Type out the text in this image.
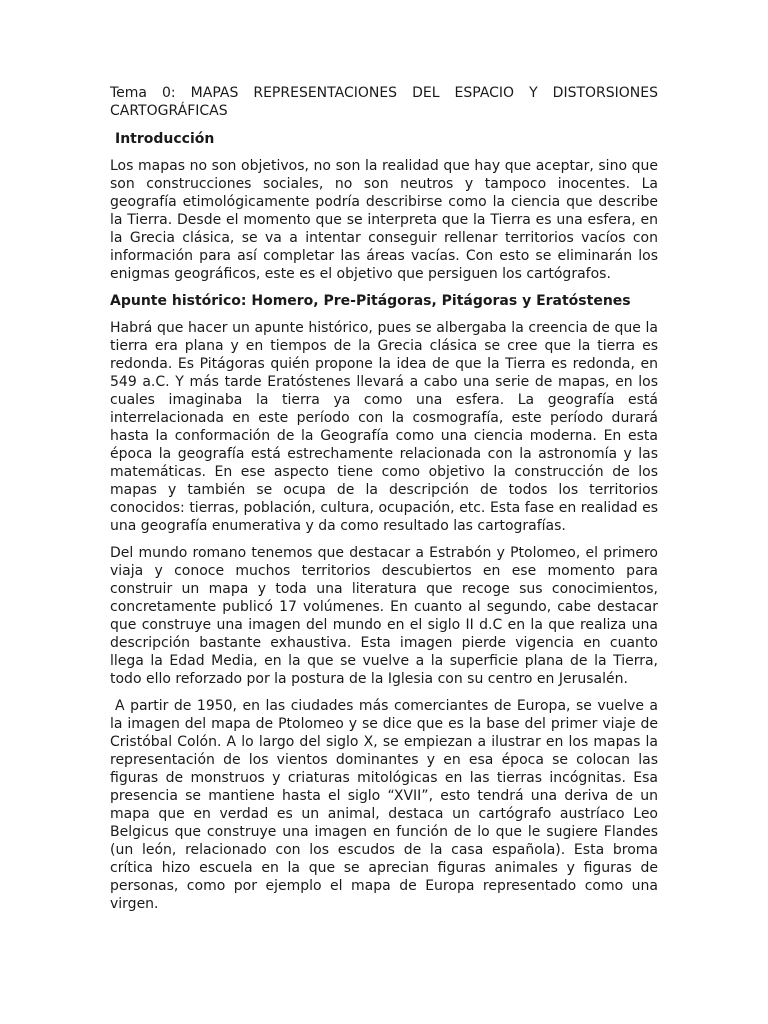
Tema 0: MAPAS REPRESENTACIONES DEL ESPACIO Y DISTORSIONES
CARTOGRÁFICAS
Introducción

Los mapas no son objetivos, no son la realidad que hay que aceptar, sino que son construcciones sociales, no son neutros y tampoco inocentes. La geografía etimológicamente podría describirse como la ciencia que describe la Tierra. Desde el momento que se interpreta que la Tierra es una esfera, en la Grecia clásica, se va a intentar conseguir rellenar territorios vacíos con información para así completar las áreas vacías. Con esto se eliminarán los enigmas geográficos, este es el objetivo que persiguen los cartógrafos.

Apunte histórico: Homero, Pre-Pitágoras, Pitágoras y Eratóstenes

Habrá que hacer un apunte histórico, pues se albergaba la creencia de que la tierra era plana y en tiempos de la Grecia clásica se cree que la tierra es redonda. Es Pitágoras quién propone la idea de que la Tierra es redonda, en 549 a.C. Y más tarde Eratóstenes llevará a cabo una serie de mapas, en los cuales imaginaba la tierra ya como una esfera. La geografía está interrelacionada en este período con la cosmografía, este período durará hasta la conformación de la Geografía como una ciencia moderna. En esta época la geografía está estrechamente relacionada con la astronomía y las matemáticas. En ese aspecto tiene como objetivo la construcción de los mapas y también se ocupa de la descripción de todos los territorios conocidos: tierras, población, cultura, ocupación, etc. Esta fase en realidad es una geografía enumerativa y da como resultado las cartografías.

Del mundo romano tenemos que destacar a Estrabón y Ptolomeo, el primero viaja y conoce muchos territorios descubiertos en ese momento para construir un mapa y toda una literatura que recoge sus conocimientos, concretamente publicó 17 volúmenes. En cuanto al segundo, cabe destacar que construye una imagen del mundo en el siglo II d.C en la que realiza una descripción bastante exhaustiva. Esta imagen pierde vigencia en cuanto llega la Edad Media, en la que se vuelve a la superficie plana de la Tierra, todo ello reforzado por la postura de la Iglesia con su centro en Jerusalén.

A partir de 1950, en las ciudades más comerciantes de Europa, se vuelve a la imagen del mapa de Ptolomeo y se dice que es la base del primer viaje de Cristóbal Colón. A lo largo del siglo X, se empiezan a ilustrar en los mapas la representación de los vientos dominantes y en esa época se colocan las figuras de monstruos y criaturas mitológicas en las tierras incógnitas. Esa presencia se mantiene hasta el siglo “XVII”, esto tendrá una deriva de un mapa que en verdad es un animal, destaca un cartógrafo austríaco Leo Belgicus que construye una imagen en función de lo que le sugiere Flandes (un león, relacionado con los escudos de la casa española). Esta broma crítica hizo escuela en la que se aprecian figuras animales y figuras de personas, como por ejemplo el mapa de Europa representado como una virgen.
